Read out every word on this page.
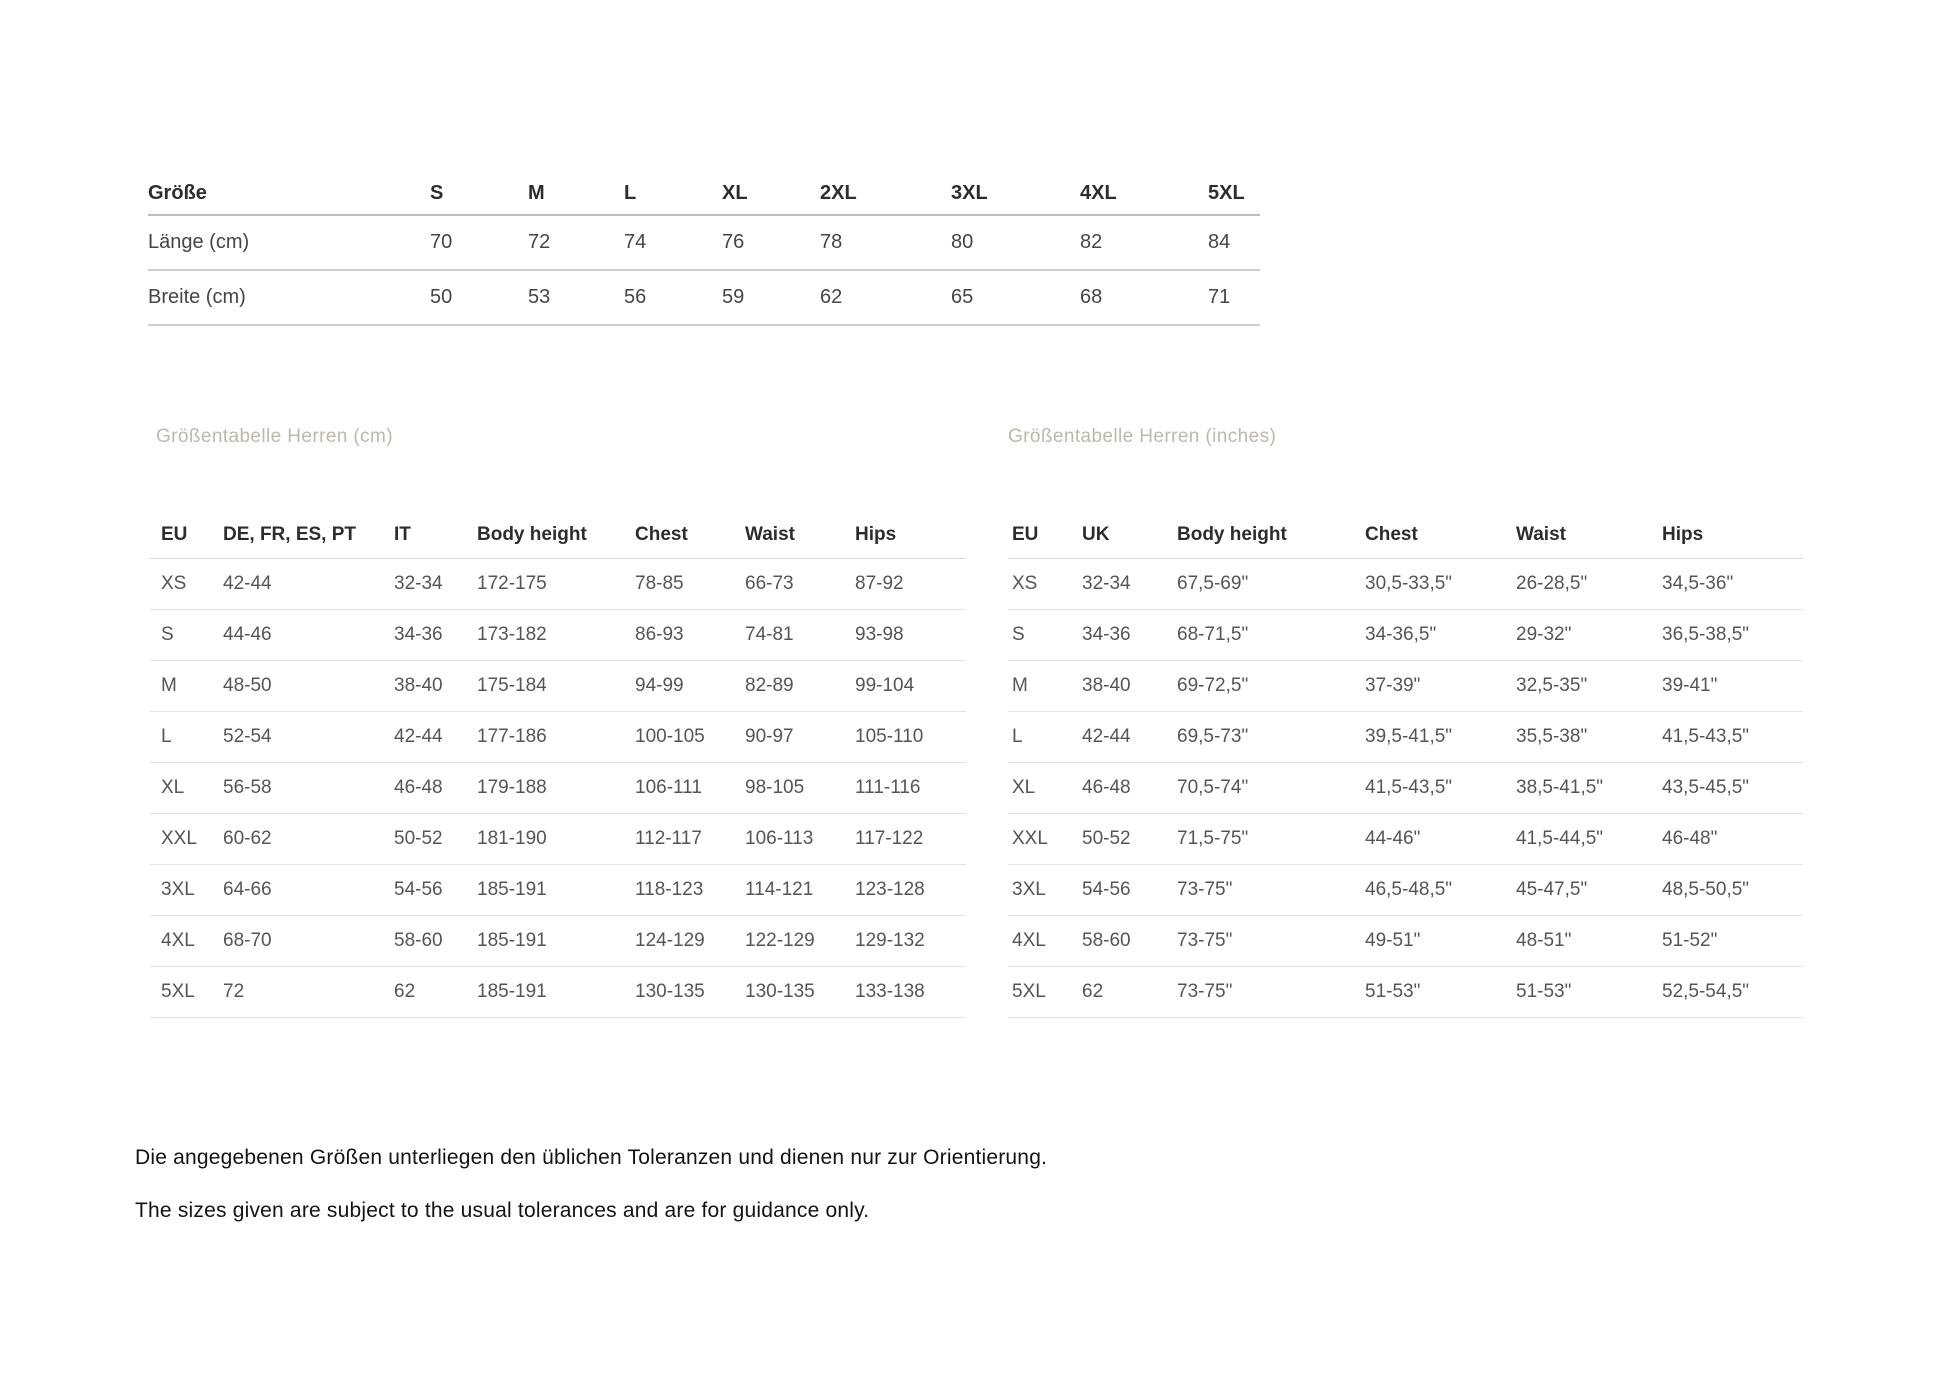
Größe	S	M	L	XL	2XL	3XL	4XL	5XL
Länge (cm)	70	72	74	76	78	80	82	84
Breite (cm)	50	53	56	59	62	65	68	71
Größentabelle Herren (cm)	Größentabelle Herren (inches)
EU	DE, FR, ES, PT	IT	Body height	Chest	Waist	Hips
XS	42-44	32-34	172-175	78-85	66-73	87-92
S	44-46	34-36	173-182	86-93	74-81	93-98
M	48-50	38-40	175-184	94-99	82-89	99-104
L	52-54	42-44	177-186	100-105	90-97	105-110
XL	56-58	46-48	179-188	106-111	98-105	111-116
XXL	60-62	50-52	181-190	112-117	106-113	117-122
3XL	64-66	54-56	185-191	118-123	114-121	123-128
4XL	68-70	58-60	185-191	124-129	122-129	129-132
5XL	72	62	185-191	130-135	130-135	133-138
EU	UK	Body height	Chest	Waist	Hips
XS	32-34	67,5-69"	30,5-33,5"	26-28,5"	34,5-36"
S	34-36	68-71,5"	34-36,5"	29-32"	36,5-38,5"
M	38-40	69-72,5"	37-39"	32,5-35"	39-41"
L	42-44	69,5-73"	39,5-41,5"	35,5-38"	41,5-43,5"
XL	46-48	70,5-74"	41,5-43,5"	38,5-41,5"	43,5-45,5"
XXL	50-52	71,5-75"	44-46"	41,5-44,5"	46-48"
3XL	54-56	73-75"	46,5-48,5"	45-47,5"	48,5-50,5"
4XL	58-60	73-75"	49-51"	48-51"	51-52"
5XL	62	73-75"	51-53"	51-53"	52,5-54,5"
Die angegebenen Größen unterliegen den üblichen Toleranzen und dienen nur zur Orientierung.
The sizes given are subject to the usual tolerances and are for guidance only.
